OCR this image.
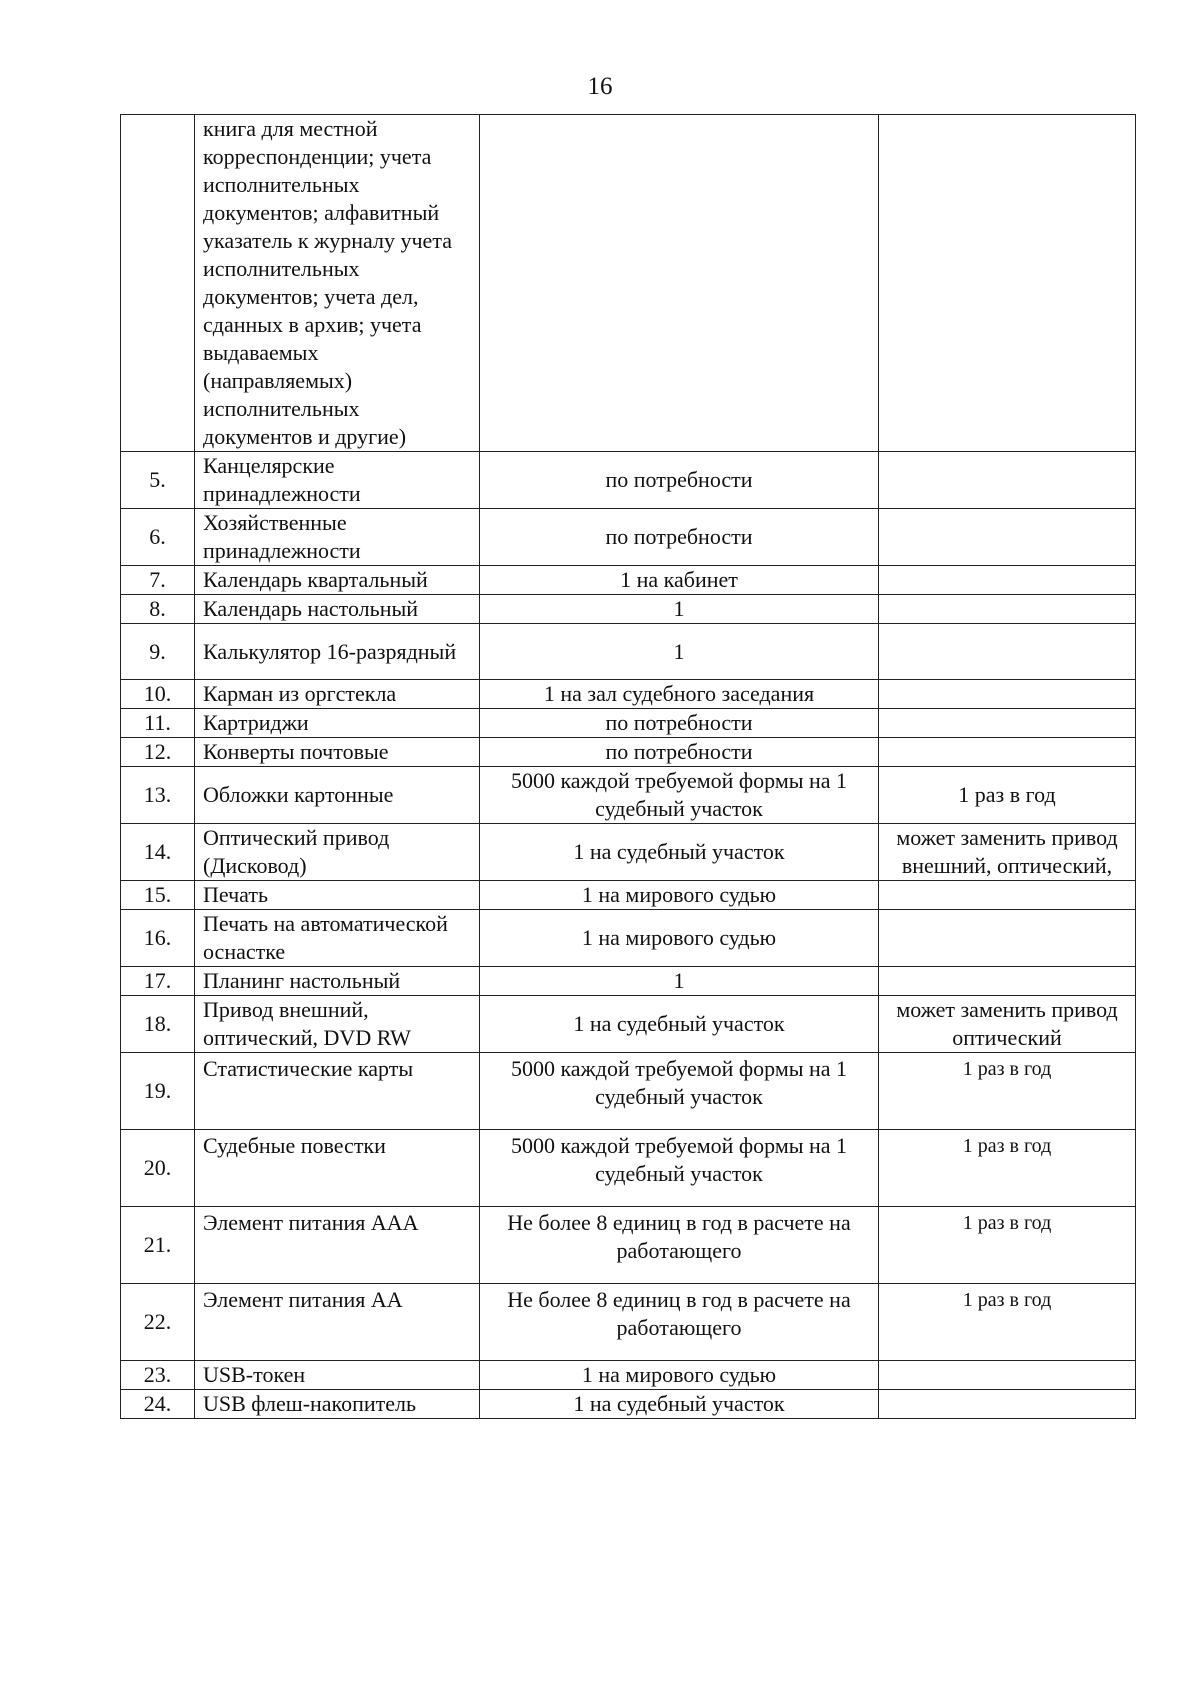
16
	книга для местной корреспонденции; учета исполнительных документов; алфавитный указатель к журналу учета исполнительных документов; учета дел, сданных в архив; учета выдаваемых (направляемых) исполнительных документов и другие)		
5.	Канцелярские принадлежности	по потребности	
6.	Хозяйственные принадлежности	по потребности	
7.	Календарь квартальный	1 на кабинет	
8.	Календарь настольный	1	
9.	Калькулятор 16-разрядный	1	
10.	Карман из оргстекла	1 на зал судебного заседания	
11.	Картриджи	по потребности	
12.	Конверты почтовые	по потребности	
13.	Обложки картонные	5000 каждой требуемой формы на 1 судебный участок	1 раз в год
14.	Оптический привод (Дисковод)	1 на судебный участок	может заменить привод внешний, оптический,
15.	Печать	1 на мирового судью	
16.	Печать на автоматической оснастке	1 на мирового судью	
17.	Планинг настольный	1	
18.	Привод внешний, оптический, DVD RW	1 на судебный участок	может заменить привод оптический
19.	Статистические карты	5000 каждой требуемой формы на 1 судебный участок	1 раз в год
20.	Судебные повестки	5000 каждой требуемой формы на 1 судебный участок	1 раз в год
21.	Элемент питания ААА	Не более 8 единиц в год в расчете на работающего	1 раз в год
22.	Элемент питания АА	Не более 8 единиц в год в расчете на работающего	1 раз в год
23.	USB-токен	1 на мирового судью	
24.	USB флеш-накопитель	1 на судебный участок	
